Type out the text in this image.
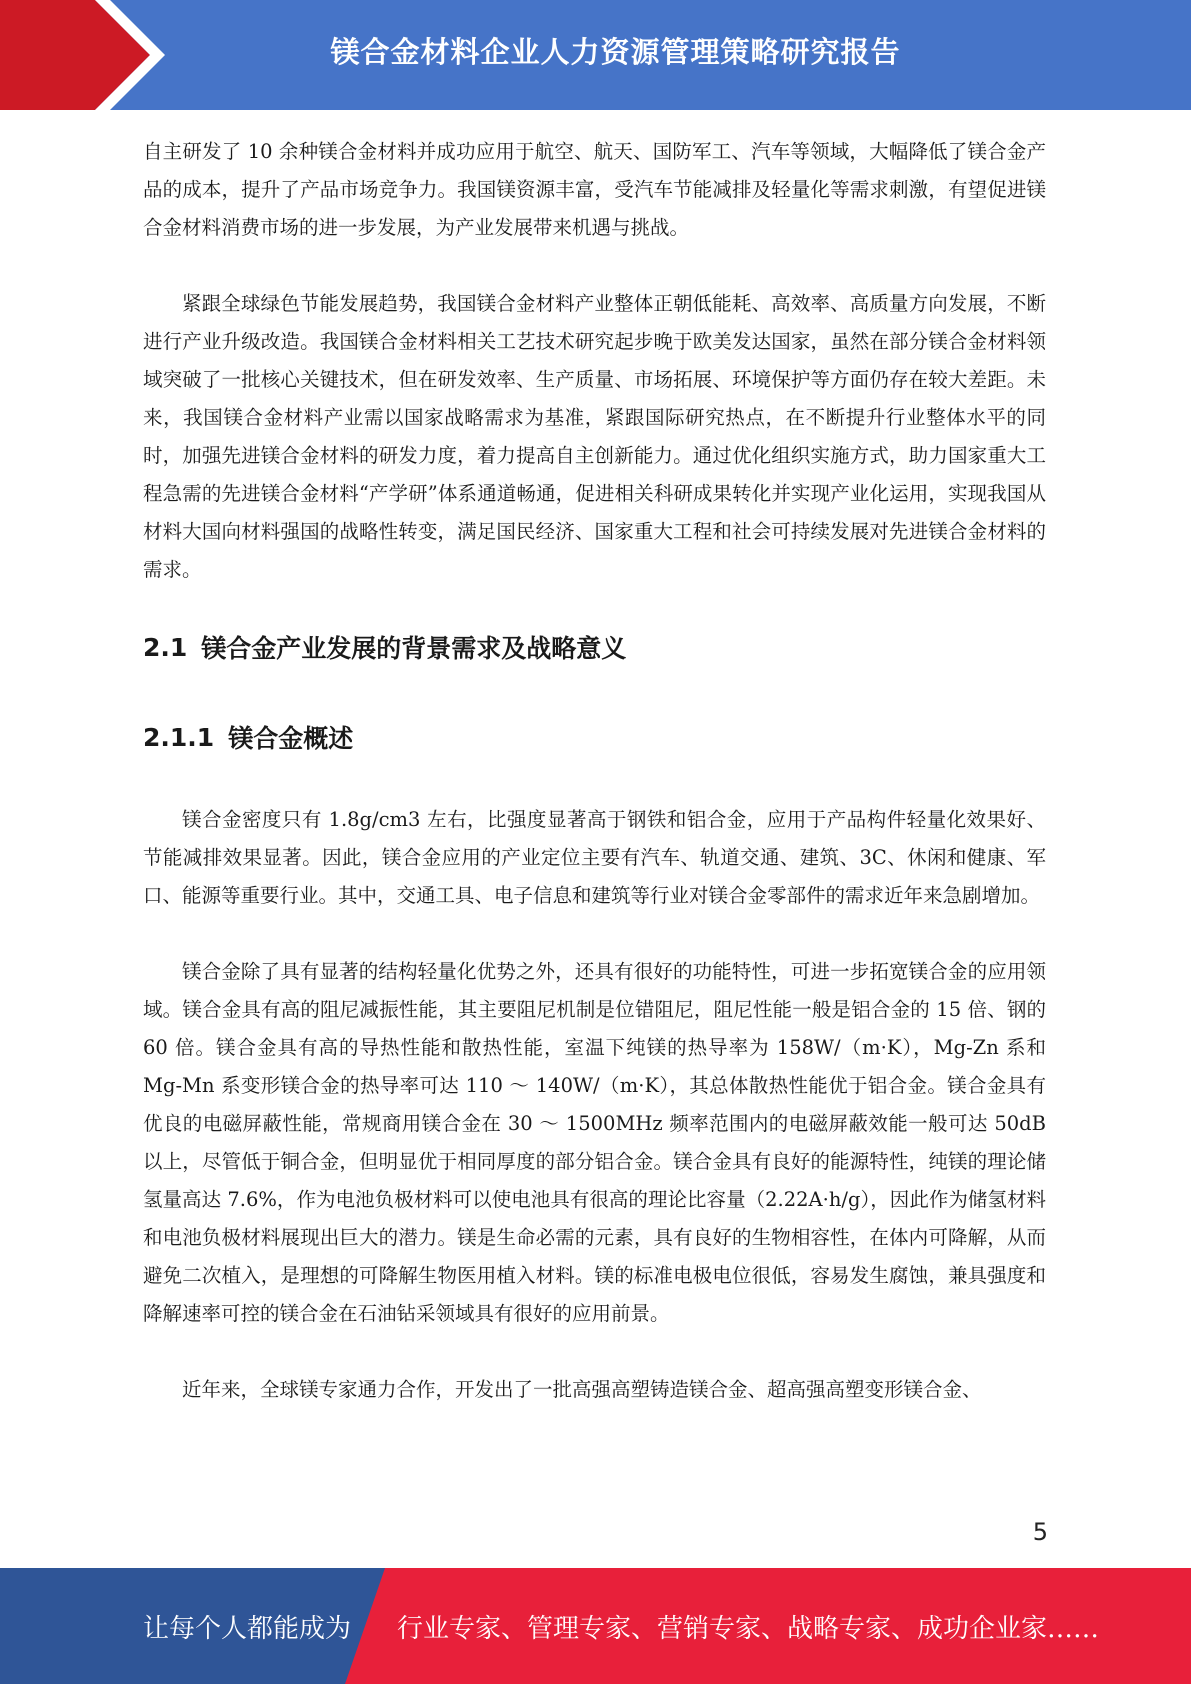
镁合金材料企业人力资源管理策略研究报告

自主研发了 10 余种镁合金材料并成功应用于航空、航天、国防军工、汽车等领域，大幅降低了镁合金产品的成本，提升了产品市场竞争力。我国镁资源丰富，受汽车节能减排及轻量化等需求刺激，有望促进镁合金材料消费市场的进一步发展，为产业发展带来机遇与挑战。

紧跟全球绿色节能发展趋势，我国镁合金材料产业整体正朝低能耗、高效率、高质量方向发展，不断进行产业升级改造。我国镁合金材料相关工艺技术研究起步晚于欧美发达国家，虽然在部分镁合金材料领域突破了一批核心关键技术，但在研发效率、生产质量、市场拓展、环境保护等方面仍存在较大差距。未来，我国镁合金材料产业需以国家战略需求为基准，紧跟国际研究热点，在不断提升行业整体水平的同时，加强先进镁合金材料的研发力度，着力提高自主创新能力。通过优化组织实施方式，助力国家重大工程急需的先进镁合金材料“产学研”体系通道畅通，促进相关科研成果转化并实现产业化运用，实现我国从材料大国向材料强国的战略性转变，满足国民经济、国家重大工程和社会可持续发展对先进镁合金材料的需求。

2.1 镁合金产业发展的背景需求及战略意义
2.1.1 镁合金概述

镁合金密度只有 1.8g/cm3 左右，比强度显著高于钢铁和铝合金，应用于产品构件轻量化效果好、节能减排效果显著。因此，镁合金应用的产业定位主要有汽车、轨道交通、建筑、3C、休闲和健康、军口、能源等重要行业。其中，交通工具、电子信息和建筑等行业对镁合金零部件的需求近年来急剧增加。

镁合金除了具有显著的结构轻量化优势之外，还具有很好的功能特性，可进一步拓宽镁合金的应用领域。镁合金具有高的阻尼减振性能，其主要阻尼机制是位错阻尼，阻尼性能一般是铝合金的 15 倍、钢的 60 倍。镁合金具有高的导热性能和散热性能，室温下纯镁的热导率为 158W/（m·K），Mg-Zn 系和 Mg-Mn 系变形镁合金的热导率可达 110 ～ 140W/（m·K），其总体散热性能优于铝合金。镁合金具有优良的电磁屏蔽性能，常规商用镁合金在 30 ～ 1500MHz 频率范围内的电磁屏蔽效能一般可达 50dB 以上，尽管低于铜合金，但明显优于相同厚度的部分铝合金。镁合金具有良好的能源特性，纯镁的理论储氢量高达 7.6%，作为电池负极材料可以使电池具有很高的理论比容量（2.22A·h/g），因此作为储氢材料和电池负极材料展现出巨大的潜力。镁是生命必需的元素，具有良好的生物相容性，在体内可降解，从而避免二次植入，是理想的可降解生物医用植入材料。镁的标准电极电位很低，容易发生腐蚀，兼具强度和降解速率可控的镁合金在石油钻采领域具有很好的应用前景。

近年来，全球镁专家通力合作，开发出了一批高强高塑铸造镁合金、超高强高塑变形镁合金、

5
让每个人都能成为 行业专家、管理专家、营销专家、战略专家、成功企业家……
